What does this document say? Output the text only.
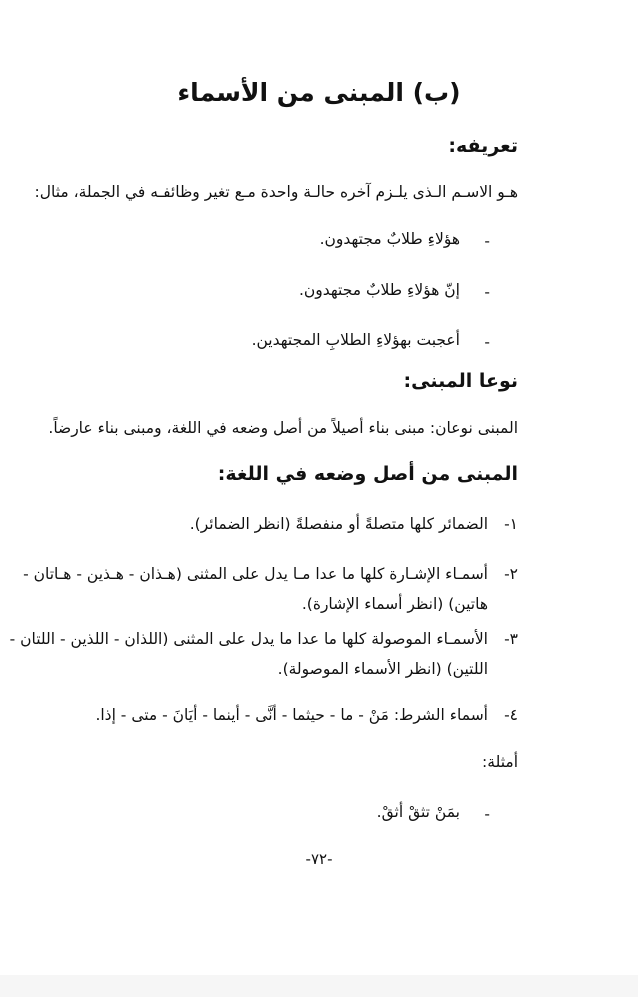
(ب) المبنى من الأسماء
تعريفه:
هـو الاسـم الـذى يلـزم آخره حالـة واحدة مـع تغير وظائفـه في الجملة، مثال:
-
هؤلاءِ طلابٌ مجتهدون.
-
إنّ هؤلاءِ طلابٌ مجتهدون.
-
أعجبت بهؤلاءِ الطلابِ المجتهدين.
نوعا المبنى:
المبنى نوعان: مبنى بناء أصيلاً من أصل وضعه في اللغة، ومبنى بناء عارضاً.
المبنى من أصل وضعه في اللغة:
١-
الضمائر كلها متصلةً أو منفصلةً (انظر الضمائر).
٢-
أسمـاء الإشـارة كلها ما عدا مـا يدل على المثنى (هـذان - هـذين - هـاتان -
هاتين) (انظر أسماء الإشارة).
٣-
الأسمـاء الموصولة كلها ما عدا ما يدل على المثنى (اللذان - اللذين - اللتان -
اللتين) (انظر الأسماء الموصولة).
٤-
أسماء الشرط: مَنْ - ما - حيثما - أنَّى - أينما - أيَانَ - متى - إذا.
أمثلة:
-
بمَنْ تثقْ أثقْ.
-٧٢-
